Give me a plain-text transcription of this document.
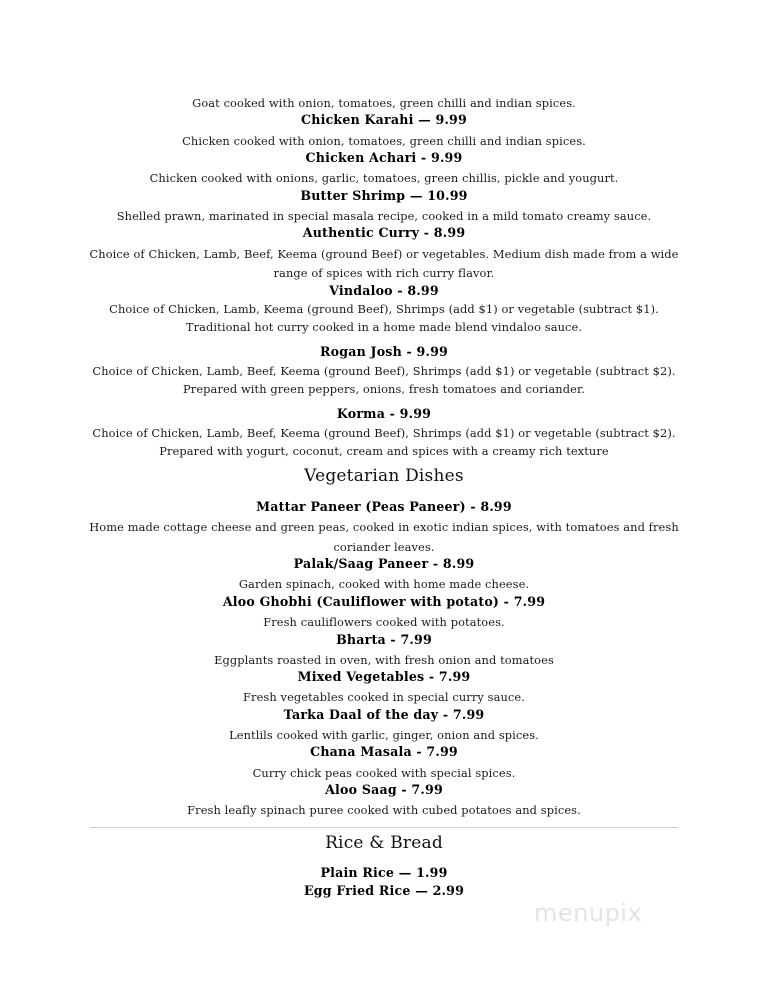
Goat cooked with onion, tomatoes, green chilli and indian spices.
Chicken Karahi — 9.99
Chicken cooked with onion, tomatoes, green chilli and indian spices.
Chicken Achari - 9.99
Chicken cooked with onions, garlic, tomatoes, green chillis, pickle and yougurt.
Butter Shrimp — 10.99
Shelled prawn, marinated in special masala recipe, cooked in a mild tomato creamy sauce.
Authentic Curry - 8.99
Choice of Chicken, Lamb, Beef, Keema (ground Beef) or vegetables. Medium dish made from a wide
range of spices with rich curry flavor.
Vindaloo - 8.99
Choice of Chicken, Lamb, Keema (ground Beef), Shrimps (add $1) or vegetable (subtract $1).
Traditional hot curry cooked in a home made blend vindaloo sauce.
Rogan Josh - 9.99
Choice of Chicken, Lamb, Beef, Keema (ground Beef), Shrimps (add $1) or vegetable (subtract $2).
Prepared with green peppers, onions, fresh tomatoes and coriander.
Korma - 9.99
Choice of Chicken, Lamb, Beef, Keema (ground Beef), Shrimps (add $1) or vegetable (subtract $2).
Prepared with yogurt, coconut, cream and spices with a creamy rich texture
Vegetarian Dishes
Mattar Paneer (Peas Paneer) - 8.99
Home made cottage cheese and green peas, cooked in exotic indian spices, with tomatoes and fresh
coriander leaves.
Palak/Saag Paneer - 8.99
Garden spinach, cooked with home made cheese.
Aloo Ghobhi (Cauliflower with potato) - 7.99
Fresh cauliflowers cooked with potatoes.
Bharta - 7.99
Eggplants roasted in oven, with fresh onion and tomatoes
Mixed Vegetables - 7.99
Fresh vegetables cooked in special curry sauce.
Tarka Daal of the day - 7.99
Lentlils cooked with garlic, ginger, onion and spices.
Chana Masala - 7.99
Curry chick peas cooked with special spices.
Aloo Saag - 7.99
Fresh leafly spinach puree cooked with cubed potatoes and spices.
Rice & Bread
Plain Rice — 1.99
Egg Fried Rice — 2.99
menupix
